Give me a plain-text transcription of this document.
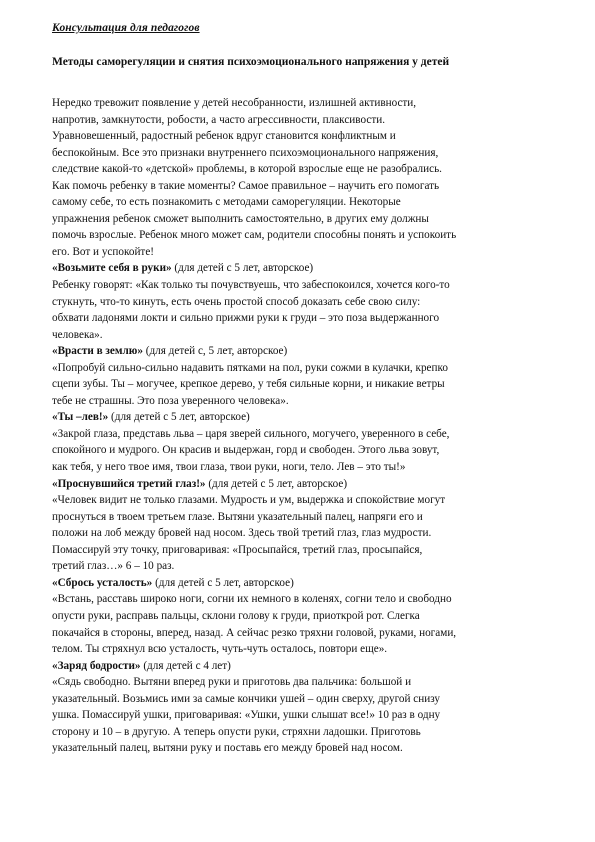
Консультация для педагогов
Методы саморегуляции и снятия психоэмоционального напряжения у детей
Нередко тревожит появление у детей несобранности, излишней активности,
напротив, замкнутости, робости, а часто агрессивности, плаксивости.
Уравновешенный, радостный ребенок вдруг становится конфликтным и
беспокойным. Все это признаки внутреннего психоэмоционального напряжения,
следствие какой-то «детской» проблемы, в которой взрослые еще не разобрались.
Как помочь ребенку в такие моменты? Самое правильное – научить его помогать
самому себе, то есть познакомить с методами саморегуляции. Некоторые
упражнения ребенок сможет выполнить самостоятельно, в других ему должны
помочь взрослые. Ребенок много может сам, родители способны понять и успокоить
его. Вот и успокойте!
«Возьмите себя в руки» (для детей с 5 лет, авторское)
Ребенку говорят: «Как только ты почувствуешь, что забеспокоился, хочется кого-то
стукнуть, что-то кинуть, есть очень простой способ доказать себе свою силу:
обхвати ладонями локти и сильно прижми руки к груди – это поза выдержанного
человека».
«Врасти в землю» (для детей с, 5 лет, авторское)
«Попробуй сильно-сильно надавить пятками на пол, руки сожми в кулачки, крепко
сцепи зубы. Ты – могучее, крепкое дерево, у тебя сильные корни, и никакие ветры
тебе не страшны. Это поза уверенного человека».
«Ты –лев!» (для детей с 5 лет, авторское)
«Закрой глаза, представь льва – царя зверей сильного, могучего, уверенного в себе,
спокойного и мудрого. Он красив и выдержан, горд и свободен. Этого льва зовут,
как тебя, у него твое имя, твои глаза, твои руки, ноги, тело. Лев – это ты!»
«Проснувшийся третий глаз!» (для детей с 5 лет, авторское)
«Человек видит не только глазами. Мудрость и ум, выдержка и спокойствие могут
проснуться в твоем третьем глазе. Вытяни указательный палец, напряги его и
положи на лоб между бровей над носом. Здесь твой третий глаз, глаз мудрости.
Помассируй эту точку, приговаривая: «Просыпайся, третий глаз, просыпайся,
третий глаз…» 6 – 10 раз.
«Сбрось усталость» (для детей с 5 лет, авторское)
«Встань, расставь широко ноги, согни их немного в коленях, согни тело и свободно
опусти руки, расправь пальцы, склони голову к груди, приоткрой рот. Слегка
покачайся в стороны, вперед, назад. А сейчас резко тряхни головой, руками, ногами,
телом. Ты стряхнул всю усталость, чуть-чуть осталось, повтори еще».
«Заряд бодрости» (для детей с 4 лет)
«Сядь свободно. Вытяни вперед руки и приготовь два пальчика: большой и
указательный. Возьмись ими за самые кончики ушей – один сверху, другой снизу
ушка. Помассируй ушки, приговаривая: «Ушки, ушки слышат все!» 10 раз в одну
сторону и 10 – в другую. А теперь опусти руки, стряхни ладошки. Приготовь
указательный палец, вытяни руку и поставь его между бровей над носом.
